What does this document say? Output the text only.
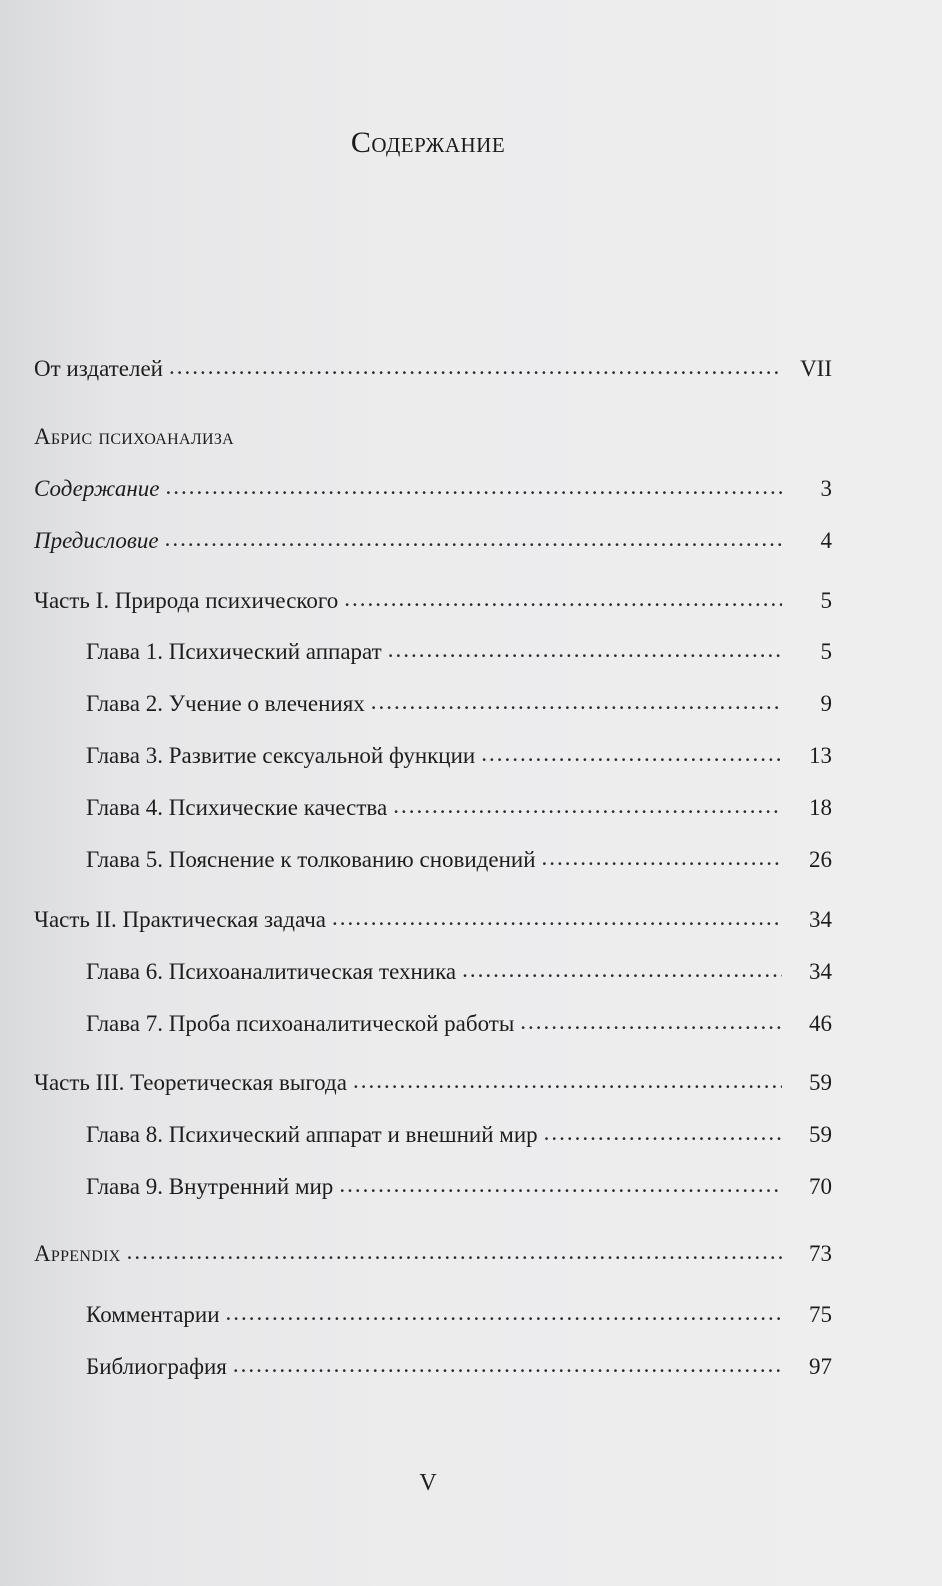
Содержание
От издателей .....	VII
Абрис психоанализа
Содержание .....	3
Предисловие .....	4
Часть I. Природа психического .....	5
Глава 1. Психический аппарат .....	5
Глава 2. Учение о влечениях .....	9
Глава 3. Развитие сексуальной функции .....	13
Глава 4. Психические качества .....	18
Глава 5. Пояснение к толкованию сновидений .....	26
Часть II. Практическая задача .....	34
Глава 6. Психоаналитическая техника .....	34
Глава 7. Проба психоаналитической работы .....	46
Часть III. Теоретическая выгода .....	59
Глава 8. Психический аппарат и внешний мир .....	59
Глава 9. Внутренний мир .....	70
Appendix .....	73
Комментарии .....	75
Библиография .....	97
V
